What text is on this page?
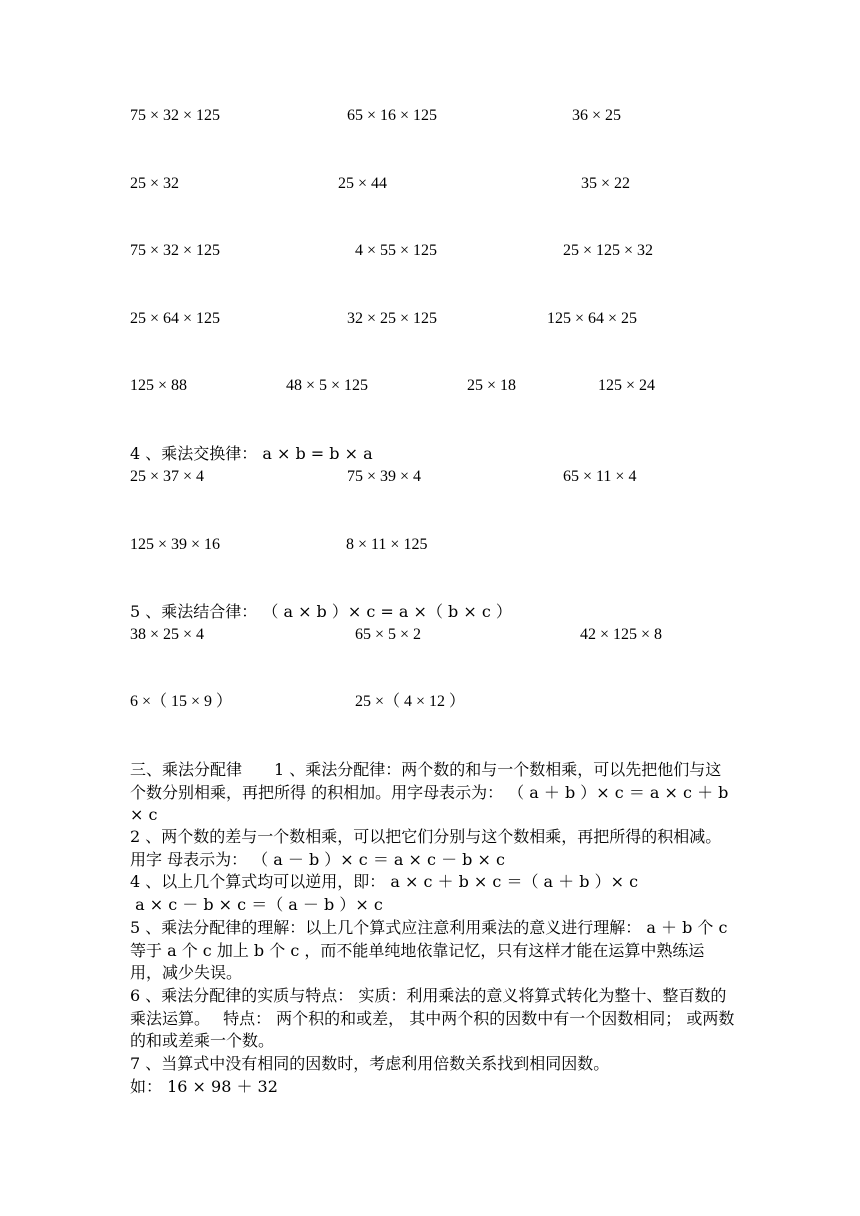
75 × 32 × 125	65 × 16 × 125	36 × 25
25 × 32	25 × 44	35 × 22
75 × 32 × 125	4 × 55 × 125	25 × 125 × 32
25 × 64 × 125	32 × 25 × 125	125 × 64 × 25
125 × 88	48 × 5 × 125	25 × 18	125 × 24
4 、乘法交换律： a × b = b × a
25 × 37 × 4	75 × 39 × 4	65 × 11 × 4
125 × 39 × 16	8 × 11 × 125
5 、乘法结合律： （ a × b ）× c = a ×（ b × c ）
38 × 25 × 4	65 × 5 × 2	42 × 125 × 8
6 ×（ 15 × 9 ）	25 ×（ 4 × 12 ）
三、乘法分配律　　1 、乘法分配律：两个数的和与一个数相乘，可以先把他们与这个数分别相乘，再把所得 的积相加。用字母表示为： （ a ＋ b ）× c ＝ a × c ＋ b × c
2 、两个数的差与一个数相乘，可以把它们分别与这个数相乘，再把所得的积相减。用字 母表示为： （ a － b ）× c ＝ a × c － b × c
4 、以上几个算式均可以逆用，即： a × c ＋ b × c ＝（ a ＋ b ）× c
a × c － b × c ＝（ a － b ）× c
5 、乘法分配律的理解：以上几个算式应注意利用乘法的意义进行理解： a ＋ b 个 c 等于 a 个 c 加上 b 个 c ，而不能单纯地依靠记忆，只有这样才能在运算中熟练运用，减少失误。
6 、乘法分配律的实质与特点： 实质：利用乘法的意义将算式转化为整十、整百数的乘法运算。　 特点： 两个积的和或差， 其中两个积的因数中有一个因数相同； 或两数的和或差乘一个数。
7 、当算式中没有相同的因数时，考虑利用倍数关系找到相同因数。
如： 16 × 98 ＋ 32
